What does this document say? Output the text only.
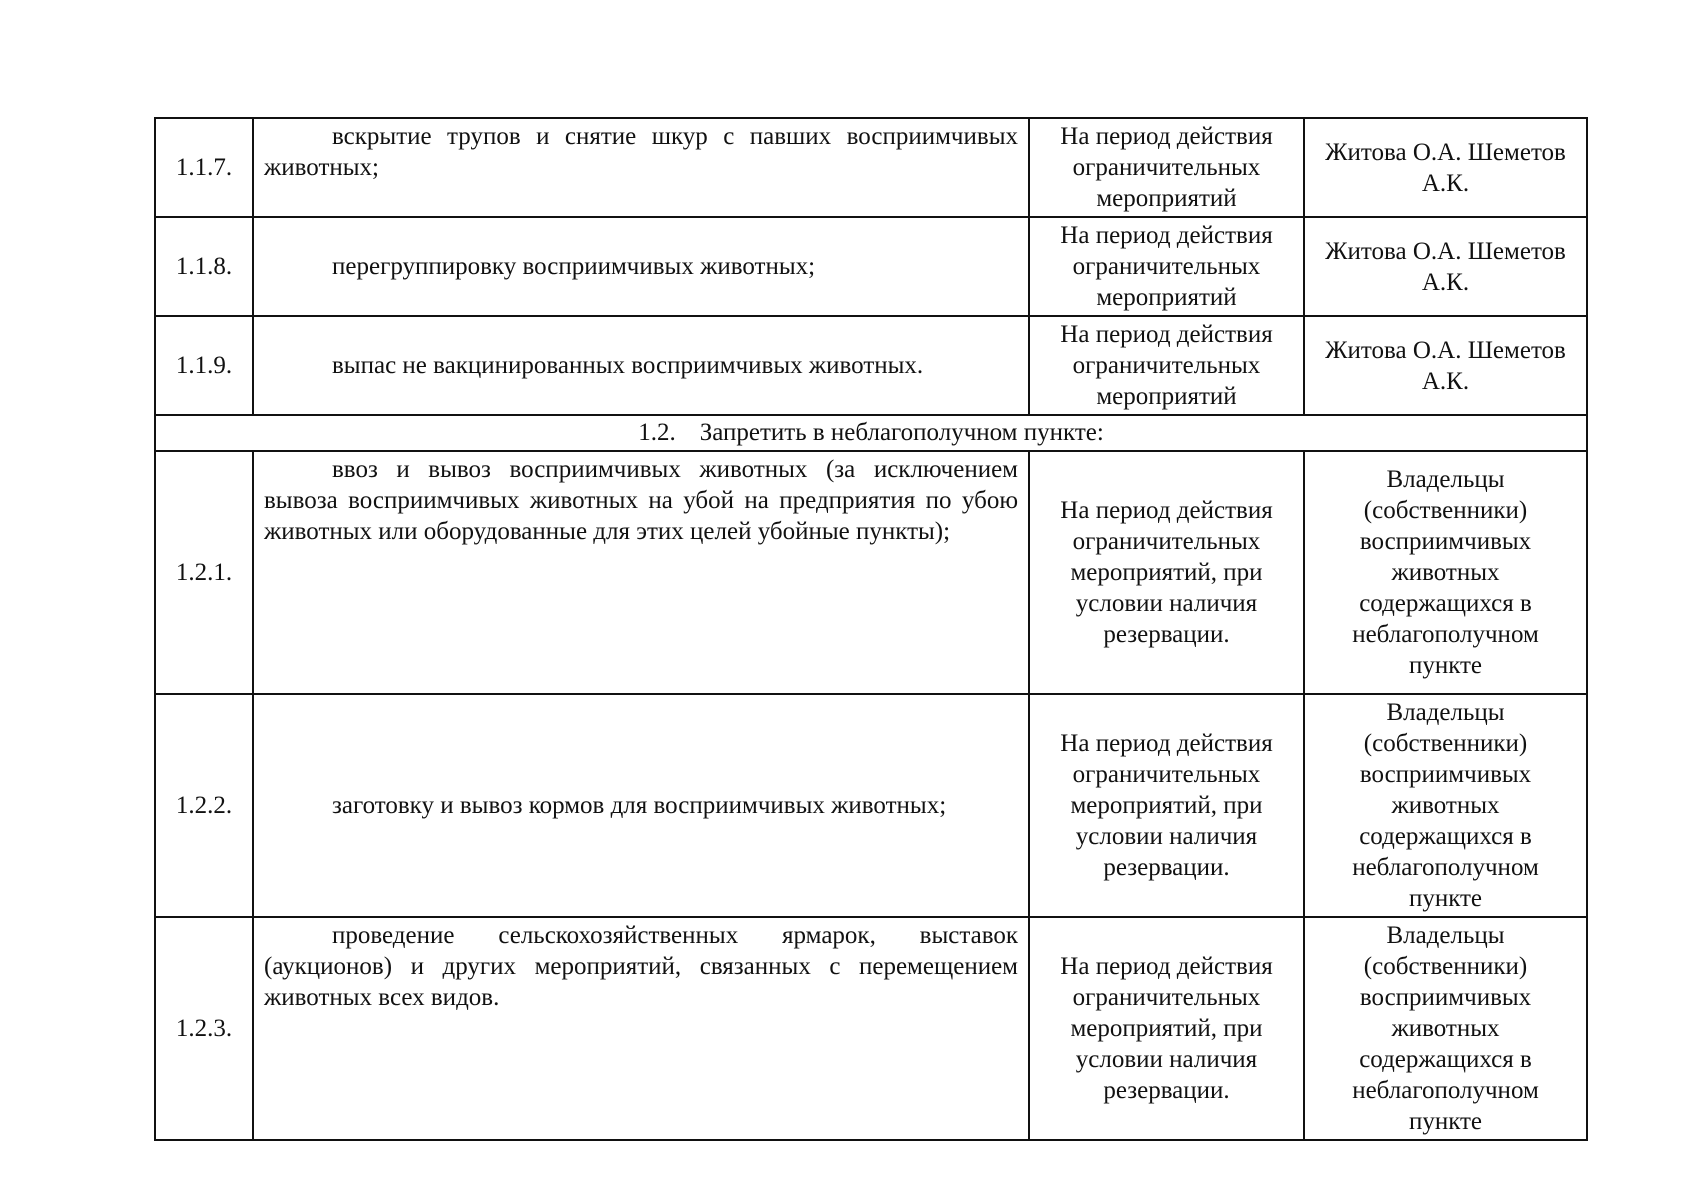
1.1.7.	вскрытие трупов и снятие шкур с павших восприимчивых животных;	На период действия ограничительных мероприятий	Житова О.А. Шеметов А.К.
1.1.8.	перегруппировку восприимчивых животных;	На период действия ограничительных мероприятий	Житова О.А. Шеметов А.К.
1.1.9.	выпас не вакцинированных восприимчивых животных.	На период действия ограничительных мероприятий	Житова О.А. Шеметов А.К.
1.2. Запретить в неблагополучном пункте:			
1.2.1.	ввоз и вывоз восприимчивых животных (за исключением вывоза восприимчивых животных на убой на предприятия по убою животных или оборудованные для этих целей убойные пункты);	На период действия ограничительных мероприятий, при условии наличия резервации.	Владельцы (собственники) восприимчивых животных содержащихся в неблагополучном пункте
1.2.2.	заготовку и вывоз кормов для восприимчивых животных;	На период действия ограничительных мероприятий, при условии наличия резервации.	Владельцы (собственники) восприимчивых животных содержащихся в неблагополучном пункте
1.2.3.	проведение сельскохозяйственных ярмарок, выставок (аукционов) и других мероприятий, связанных с перемещением животных всех видов.	На период действия ограничительных мероприятий, при условии наличия резервации.	Владельцы (собственники) восприимчивых животных содержащихся в неблагополучном пункте
